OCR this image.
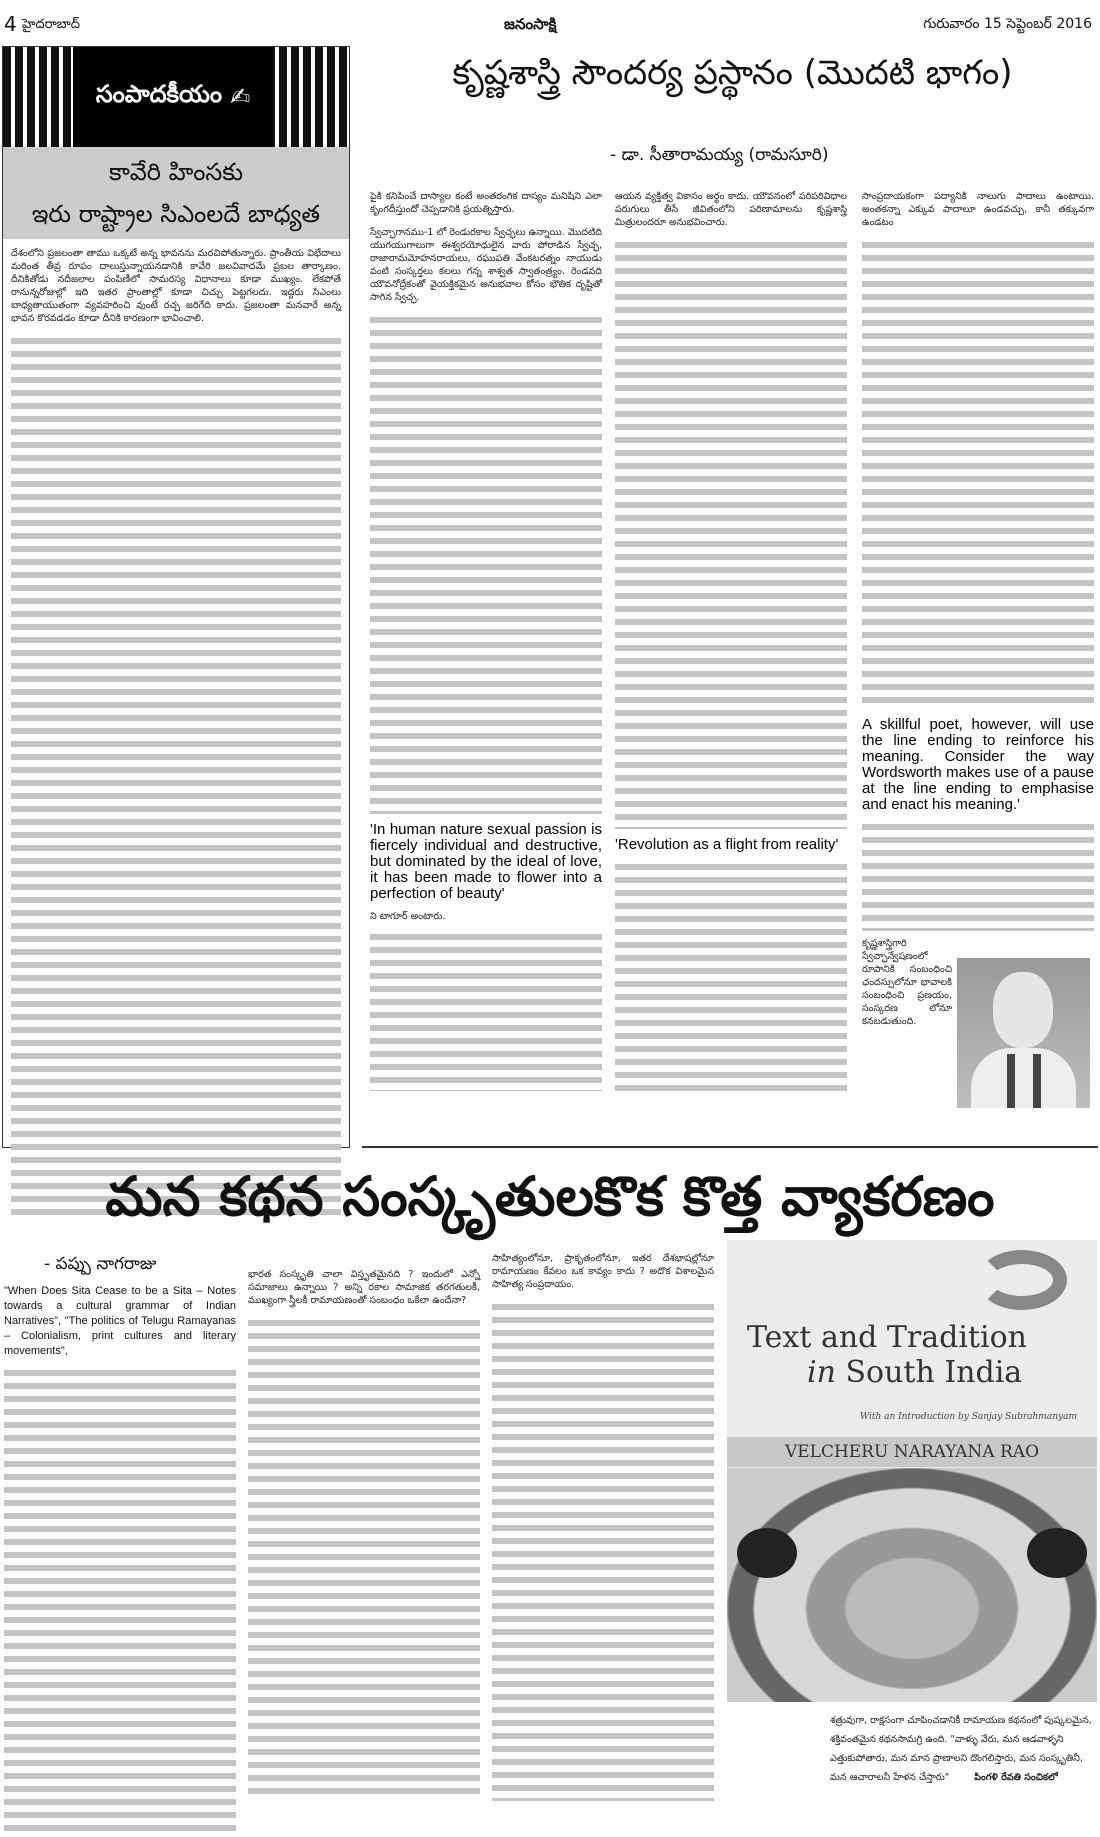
4 హైదరాబాద్	జనంసాక్షి	గురువారం 15 సెప్టెంబర్ 2016
సంపాదకీయం ✍
కావేరి హింసకు
ఇరు రాష్ట్రాల సిఎంలదే బాధ్యత

దేశంలోని ప్రజలంతా తాము ఒక్కటే అన్న భావనను మరచిపోతున్నారు. ప్రాంతీయ విభేదాలు మరింత తీవ్ర రూపం దాలుస్తున్నాయనడానికి కావేరి జలవివాదమే ప్రబల తార్కాణం. దీనికితోడు నదీజలాల పంపిణీలో సామరస్య విధానాలు కూడా ముఖ్యం. లేకపోతే రానున్నరోజుల్లో ఇది ఇతర ప్రాంతాల్లో కూడా చిచ్చు పెట్టగలదు. ఇద్దరు సిఎంలు బాధ్యతాయుతంగా వ్యవహరించి వుంటే రచ్చ జరిగేది కాదు. ప్రజలంతా మనవారే అన్న భావన కొరవడడం కూడా దీనికి కారణంగా భావించాలి.

కృష్ణశాస్త్రి సౌందర్య ప్రస్థానం (మొదటి భాగం)
- డా. సీతారామయ్య (రామసూరి)

పైకి కనిపించే దాస్యాల కంటే అంతరంగిక దాస్యం మనిషిని ఎలా కృంగదీస్తుందో చెప్పడానికి ప్రయత్నిస్తారు.

స్వేచ్ఛాగానము-1 లో రెండురకాల స్వేచ్ఛలు ఉన్నాయి. మొదటిది యుగయుగాలుగా ఈశ్వరయోధులైన వారు పోరాడిన స్వేచ్ఛ, రాజారామమోహనరాయలు, రఘుపతి వేంకటరత్నం నాయుడు వంటి సంస్కర్తలు కలలు గన్న శాశ్వత స్వాతంత్ర్యం. రెండవది యౌవనోద్రేకంతో వైయక్తికమైన అనుభవాల కోసం భౌతిక దృష్టితో సాగిన స్వేచ్ఛ.

'In human nature sexual passion is fiercely individual and destructive, but dominated by the ideal of love, it has been made to flower into a perfection of beauty'

ని టాగూర్ అంటారు.

ఆయన వ్యక్తిత్వ వికాసం అర్థం కాదు. యౌవనంలో పరిపరివిధాల పరుగులు తీసే జీవితంలోని పరిణామాలను కృష్ణశాస్త్రి మిత్రులందరూ అనుభవించారు.

'Revolution as a flight from reality'

సాంప్రదాయకంగా పద్యానికి నాలుగు పాదాలు ఉంటాయి. అంతకన్నా ఎక్కువ పాదాలూ ఉండవచ్చు, కానీ తక్కువగా ఉండటం

A skillful poet, however, will use the line ending to reinforce his meaning. Consider the way Wordsworth makes use of a pause at the line ending to emphasise and enact his meaning.'

కృష్ణశాస్త్రిగారి స్వేచ్ఛాన్వేషణంలో రూపానికి సంబంధించి ఛందస్సులోనూ భావాలకి సంబంధించి ప్రణయం, సంస్కరణ లోనూ కనబడుతుంది.

మన కథన సంస్కృతులకొక కొత్త వ్యాకరణం
- పప్పు నాగరాజు

"When Does Sita Cease to be a Sita – Notes towards a cultural grammar of Indian Narratives", "The politics of Telugu Ramayanas – Colonialism, print cultures and literary movements",

భారత సంస్కృతి చాలా విస్తృతమైనది ? ఇందులో ఎన్నో సమాజాలు ఉన్నాయి ? అన్ని రకాల సామాజిక తరగతులకీ, ముఖ్యంగా స్త్రీలకీ రామాయణంతో సంబంధం ఒకేలా ఉందేనా?

సాహిత్యంలోనూ, ప్రాకృతంలోనూ, ఇతర దేశభాషల్లోనూ రామాయణం కేవలం ఒక కావ్యం కాదు ? అదొక విశాలమైన సాహిత్య సంప్రదాయం.

Text and Tradition
in South India
With an Introduction by Sanjay Subrahmanyam
VELCHERU NARAYANA RAO

శత్రువుగా, రాక్షసంగా చూపించడానికీ రామాయణ కథనంలో పుష్కలమైన, శక్తివంతమైన కథనసామగ్రి ఉంది. "వాళ్ళు వేరు, మన ఆడవాళ్ళని ఎత్తుకుపోతారు, మన మాన ప్రాణాలని దొంగలిస్తారు, మన సంస్కృతినీ, మన ఆచారాలనీ హేళన చేస్తారు"	పింగళి రేవతి సంచికలో
